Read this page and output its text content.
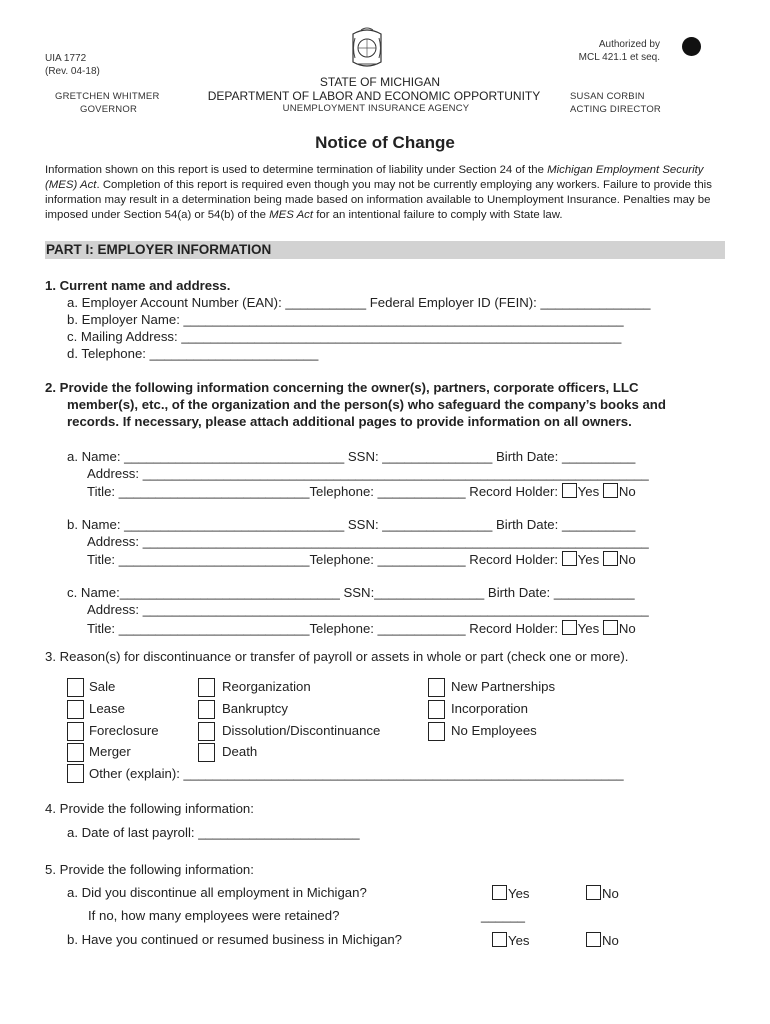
UIA 1772
(Rev. 04-18)
Authorized by
MCL 421.1 et seq.
STATE OF MICHIGAN
DEPARTMENT OF LABOR AND ECONOMIC OPPORTUNITY
UNEMPLOYMENT INSURANCE AGENCY
GRETCHEN WHITMER
GOVERNOR
SUSAN CORBIN
ACTING DIRECTOR
Notice of Change
Information shown on this report is used to determine termination of liability under Section 24 of the Michigan Employment Security (MES) Act. Completion of this report is required even though you may not be currently employing any workers. Failure to provide this information may result in a determination being made based on information available to Unemployment Insurance. Penalties may be imposed under Section 54(a) or 54(b) of the MES Act for an intentional failure to comply with State law.
PART I: EMPLOYER INFORMATION
1. Current name and address.
a. Employer Account Number (EAN): ___________ Federal Employer ID (FEIN): _______________
b. Employer Name: ____________________________________________________________
c. Mailing Address: ____________________________________________________________
d. Telephone: _______________________
2. Provide the following information concerning the owner(s), partners, corporate officers, LLC
member(s), etc., of the organization and the person(s) who safeguard the company’s books and
records. If necessary, please attach additional pages to provide information on all owners.
a. Name: ______________________________ SSN: _______________ Birth Date: __________
Address: _____________________________________________________________________
Title: __________________________Telephone: ____________ Record Holder: Yes No
b. Name: ______________________________ SSN: _______________ Birth Date: __________
Address: _____________________________________________________________________
Title: __________________________Telephone: ____________ Record Holder: Yes No
c. Name:______________________________ SSN:_______________ Birth Date: ___________
Address: _____________________________________________________________________
Title: __________________________Telephone: ____________ Record Holder: Yes No
3. Reason(s) for discontinuance or transfer of payroll or assets in whole or part (check one or more).
Sale
Lease
Foreclosure
Merger
Reorganization
Bankruptcy
Dissolution/Discontinuance
Death
New Partnerships
Incorporation
No Employees
Other (explain): ____________________________________________________________
4. Provide the following information:
a. Date of last payroll: ______________________
5. Provide the following information:
a. Did you discontinue all employment in Michigan?	Yes	No
If no, how many employees were retained?	______
b. Have you continued or resumed business in Michigan?	Yes	No
